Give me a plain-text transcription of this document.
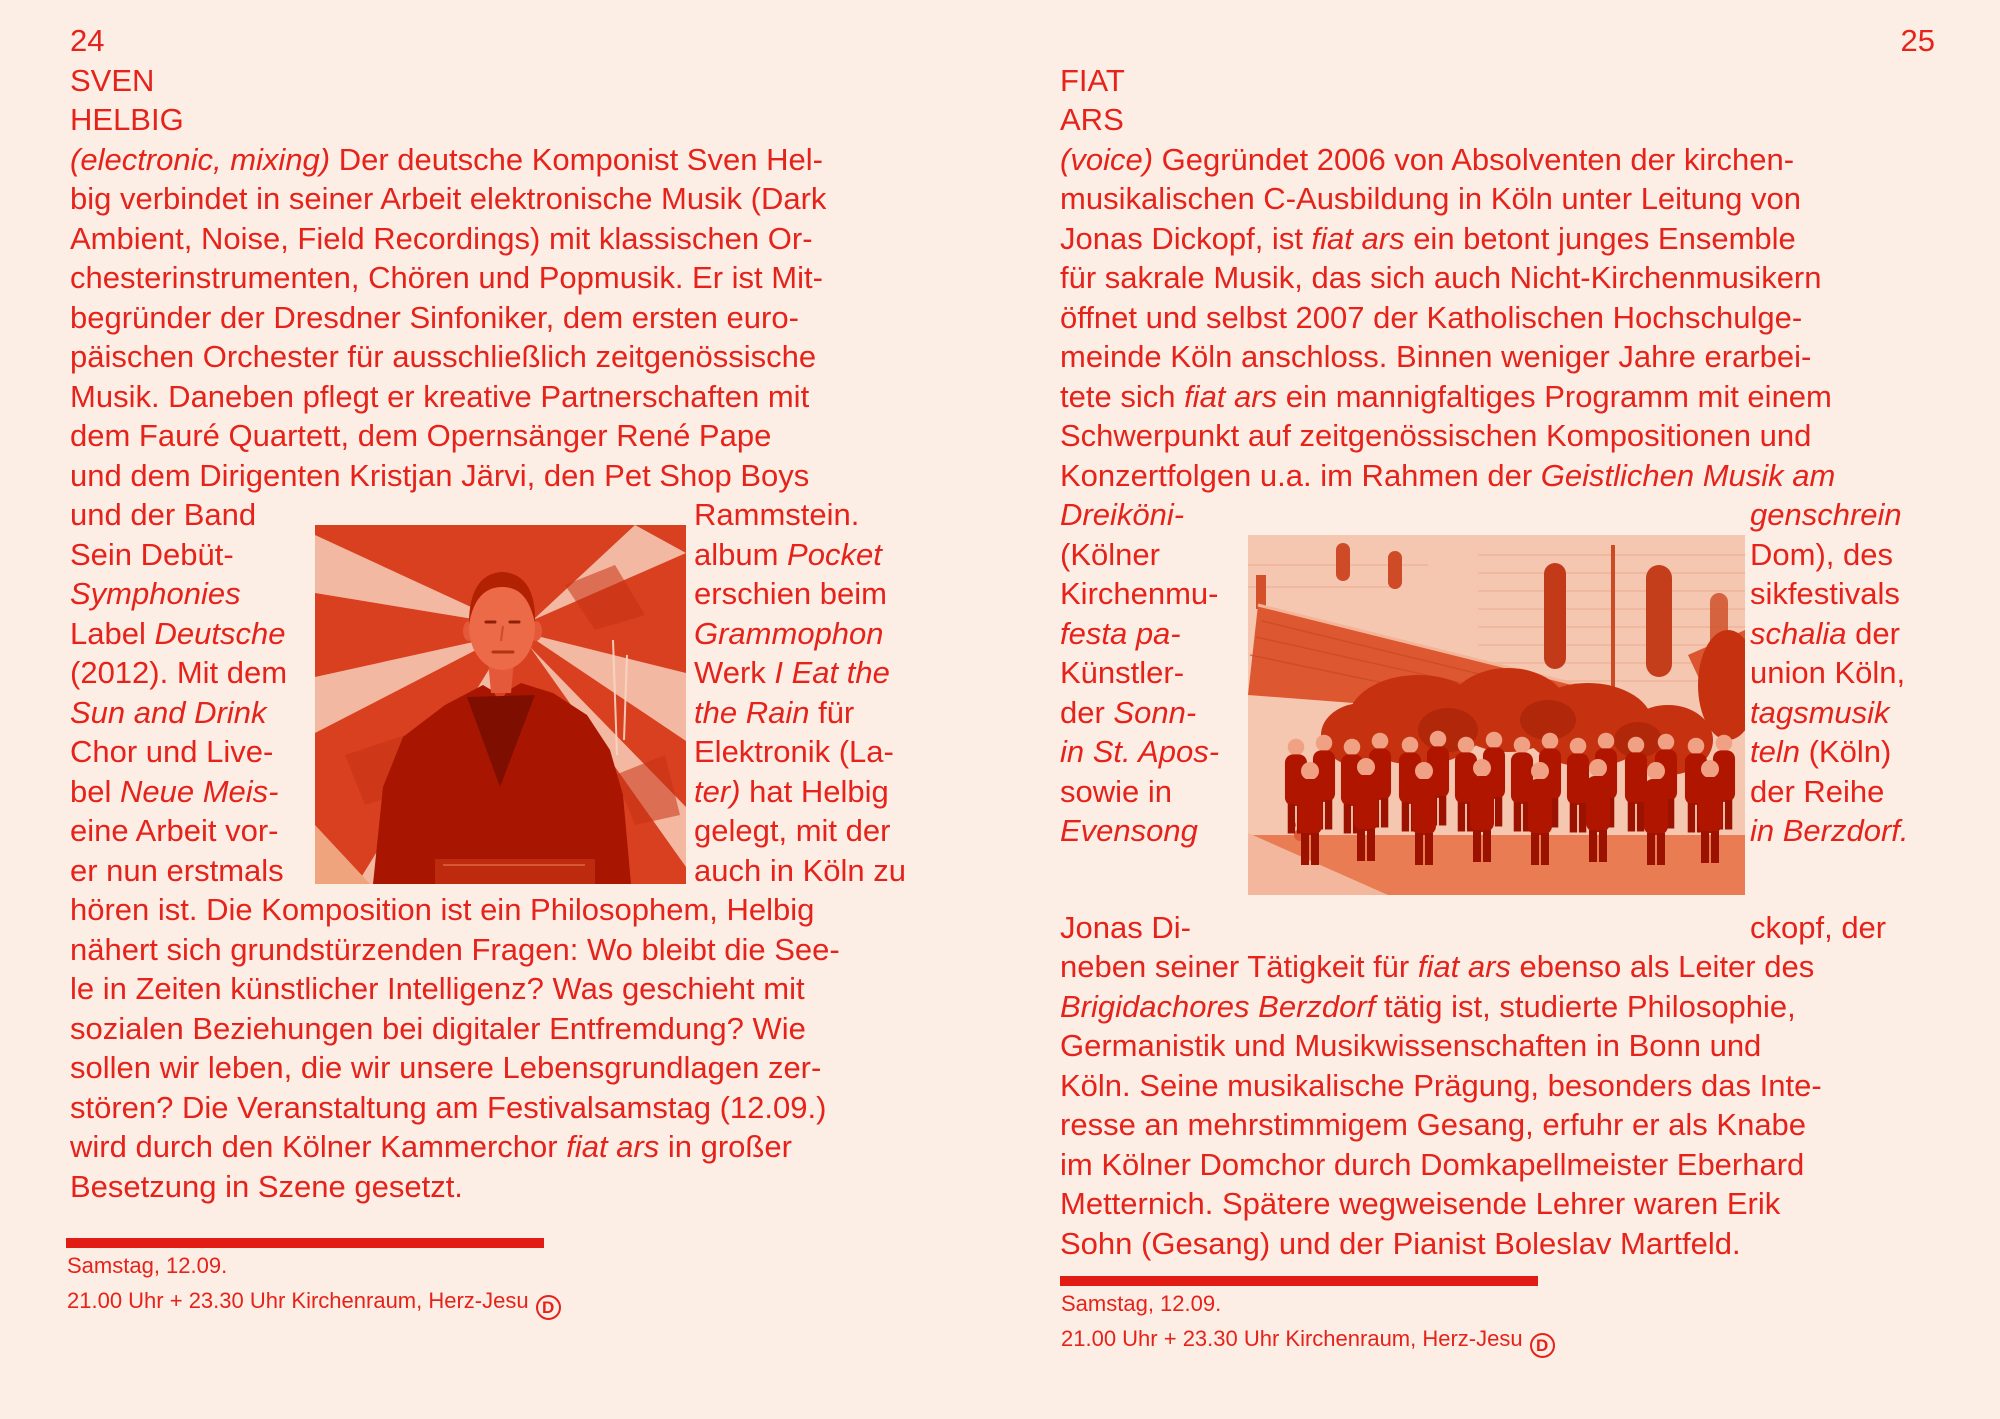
24
SVEN
HELBIG
(electronic, mixing) Der deutsche Komponist Sven Hel-
big verbindet in seiner Arbeit elektronische Musik (Dark
Ambient, Noise, Field Recordings) mit klassischen Or-
chesterinstrumenten, Chören und Popmusik. Er ist Mit-
begründer der Dresdner Sinfoniker, dem ersten euro-
päischen Orchester für ausschließlich zeitgenössische
Musik. Daneben pflegt er kreative Partnerschaften mit
dem Fauré Quartett, dem Opernsänger René Pape
und dem Dirigenten Kristjan Järvi, den Pet Shop Boys
und der Band	Rammstein.
Sein Debüt-	album Pocket
Symphonies	erschien beim
Label Deutsche	Grammophon
(2012). Mit dem	Werk I Eat the
Sun and Drink	the Rain für
Chor und Live-	Elektronik (La-
bel Neue Meis-	ter) hat Helbig
eine Arbeit vor-	gelegt, mit der
er nun erstmals	auch in Köln zu
hören ist. Die Komposition ist ein Philosophem, Helbig
nähert sich grundstürzenden Fragen: Wo bleibt die See-
le in Zeiten künstlicher Intelligenz? Was geschieht mit
sozialen Beziehungen bei digitaler Entfremdung? Wie
sollen wir leben, die wir unsere Lebensgrundlagen zer-
stören? Die Veranstaltung am Festivalsamstag (12.09.)
wird durch den Kölner Kammerchor fiat ars in großer
Besetzung in Szene gesetzt.
25
FIAT
ARS
(voice) Gegründet 2006 von Absolventen der kirchen-
musikalischen C-Ausbildung in Köln unter Leitung von
Jonas Dickopf, ist fiat ars ein betont junges Ensemble
für sakrale Musik, das sich auch Nicht-Kirchenmusikern
öffnet und selbst 2007 der Katholischen Hochschulge-
meinde Köln anschloss. Binnen weniger Jahre erarbei-
tete sich fiat ars ein mannigfaltiges Programm mit einem
Schwerpunkt auf zeitgenössischen Kompositionen und
Konzertfolgen u.a. im Rahmen der Geistlichen Musik am
Dreiköni-	genschrein
(Kölner	Dom), des
Kirchenmu-	sikfestivals
festa pa-	schalia der
Künstler-	union Köln,
der Sonn-	tagsmusik
in St. Apos-	teln (Köln)
sowie in	der Reihe
Evensong	in Berzdorf.
Jonas Di-	ckopf, der
neben seiner Tätigkeit für fiat ars ebenso als Leiter des
Brigidachores Berzdorf tätig ist, studierte Philosophie,
Germanistik und Musikwissenschaften in Bonn und
Köln. Seine musikalische Prägung, besonders das Inte-
resse an mehrstimmigem Gesang, erfuhr er als Knabe
im Kölner Domchor durch Domkapellmeister Eberhard
Metternich. Spätere wegweisende Lehrer waren Erik
Sohn (Gesang) und der Pianist Boleslav Martfeld.
Samstag, 12.09.
21.00 Uhr + 23.30 Uhr Kirchenraum, Herz-Jesu D	Samstag, 12.09.
21.00 Uhr + 23.30 Uhr Kirchenraum, Herz-Jesu D
